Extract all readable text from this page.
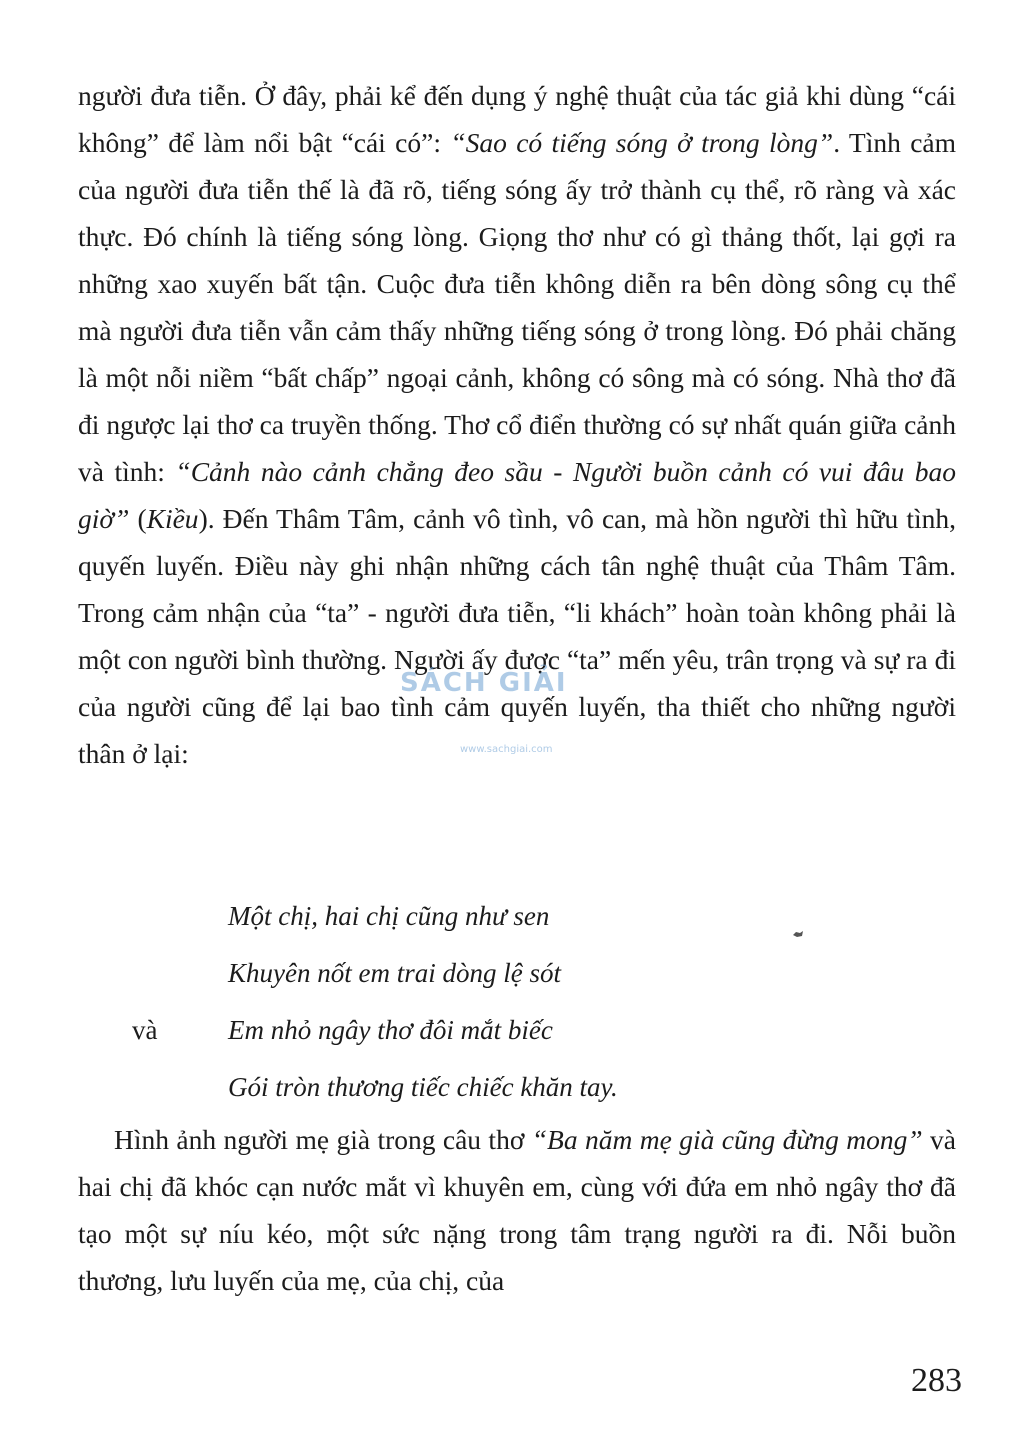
người đưa tiễn. Ở đây, phải kể đến dụng ý nghệ thuật của tác giả khi dùng “cái không” để làm nổi bật “cái có”: “Sao có tiếng sóng ở trong lòng”. Tình cảm của người đưa tiễn thế là đã rõ, tiếng sóng ấy trở thành cụ thể, rõ ràng và xác thực. Đó chính là tiếng sóng lòng. Giọng thơ như có gì thảng thốt, lại gợi ra những xao xuyến bất tận. Cuộc đưa tiễn không diễn ra bên dòng sông cụ thể mà người đưa tiễn vẫn cảm thấy những tiếng sóng ở trong lòng. Đó phải chăng là một nỗi niềm “bất chấp” ngoại cảnh, không có sông mà có sóng. Nhà thơ đã đi ngược lại thơ ca truyền thống. Thơ cổ điển thường có sự nhất quán giữa cảnh và tình: “Cảnh nào cảnh chẳng đeo sầu - Người buồn cảnh có vui đâu bao giờ” (Kiều). Đến Thâm Tâm, cảnh vô tình, vô can, mà hồn người thì hữu tình, quyến luyến. Điều này ghi nhận những cách tân nghệ thuật của Thâm Tâm. Trong cảm nhận của “ta” - người đưa tiễn, “li khách” hoàn toàn không phải là một con người bình thường. Người ấy được “ta” mến yêu, trân trọng và sự ra đi của người cũng để lại bao tình cảm quyến luyến, tha thiết cho những người thân ở lại:

Một chị, hai chị cũng như sen
Khuyên nốt em trai dòng lệ sót
Em nhỏ ngây thơ đôi mắt biếc
Gói tròn thương tiếc chiếc khăn tay.
và

Hình ảnh người mẹ già trong câu thơ “Ba năm mẹ già cũng đừng mong” và hai chị đã khóc cạn nước mắt vì khuyên em, cùng với đứa em nhỏ ngây thơ đã tạo một sự níu kéo, một sức nặng trong tâm trạng người ra đi. Nỗi buồn thương, lưu luyến của mẹ, của chị, của

SÁCH GIẢI
www.sachgiai.com
283
